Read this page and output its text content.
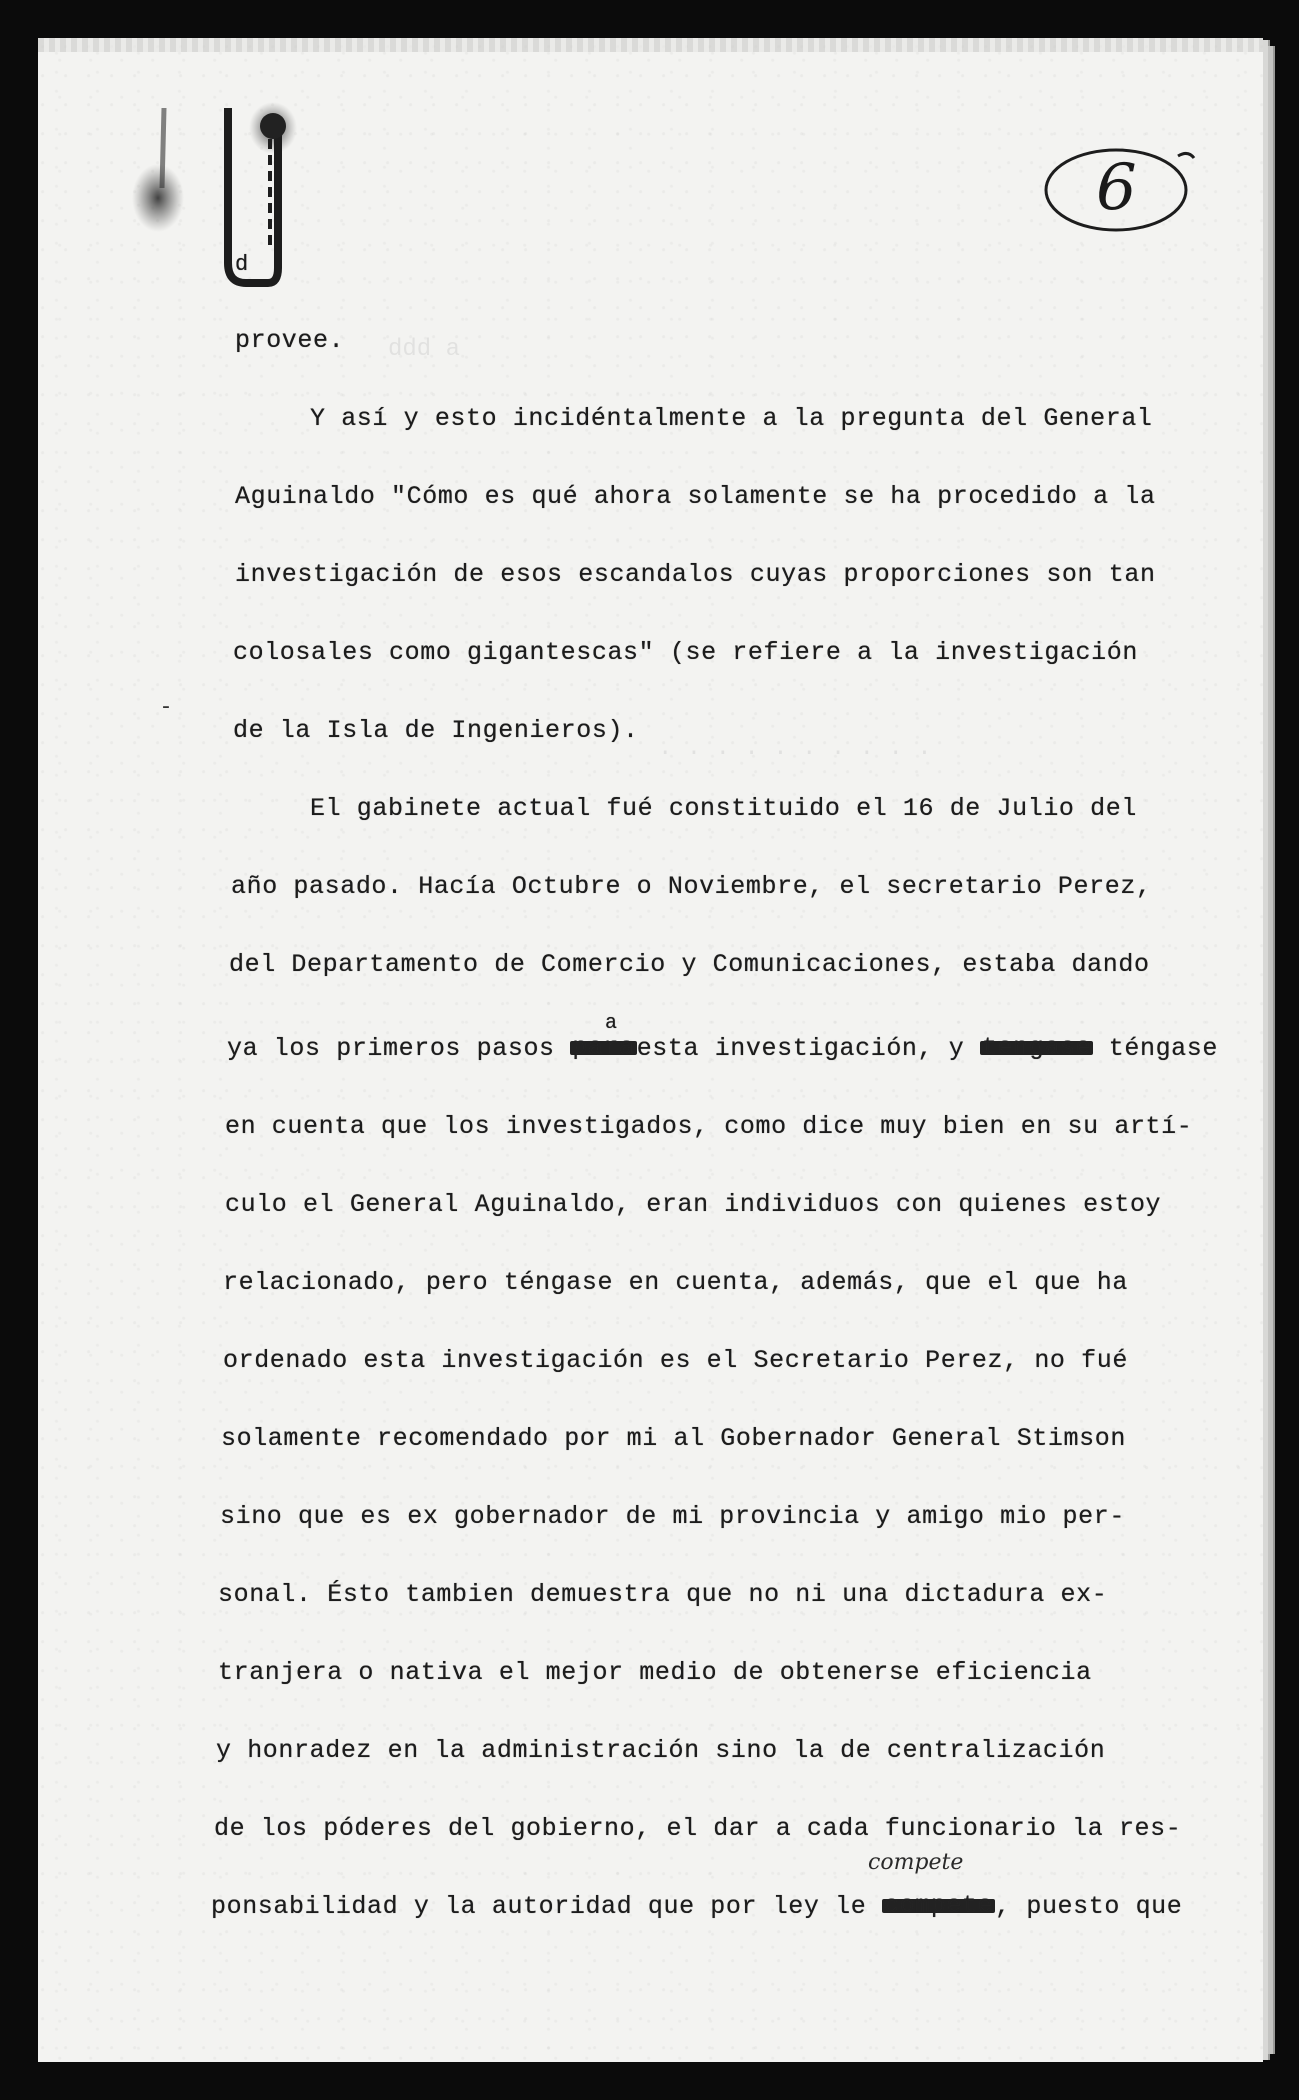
d
6
ddd a
· · · · · · · · · ·
-
provee.
Y así y esto incidéntalmente a la pregunta del General
Aguinaldo "Cómo es qué ahora solamente se ha procedido a la
investigación de esos escandalos cuyas proporciones son tan
colosales como gigantescas" (se refiere a la investigación
de la Isla de Ingenieros).
El gabinete actual fué constituido el 16 de Julio del
año pasado. Hacía Octubre o Noviembre, el secretario Perez,
del Departamento de Comercio y Comunicaciones, estaba dando
a
ya los primeros pasos paraesta investigación, y tengase téngase
en cuenta que los investigados, como dice muy bien en su artí-
culo el General Aguinaldo, eran individuos con quienes estoy
relacionado, pero téngase en cuenta, además, que el que ha
ordenado esta investigación es el Secretario Perez, no fué
solamente recomendado por mi al Gobernador General Stimson
sino que es ex gobernador de mi provincia y amigo mio per-
sonal. Ésto tambien demuestra que no ni una dictadura ex-
tranjera o nativa el mejor medio de obtenerse eficiencia
y honradez en la administración sino la de centralización
de los póderes del gobierno, el dar a cada funcionario la res-
compete
ponsabilidad y la autoridad que por ley le compete, puesto que
